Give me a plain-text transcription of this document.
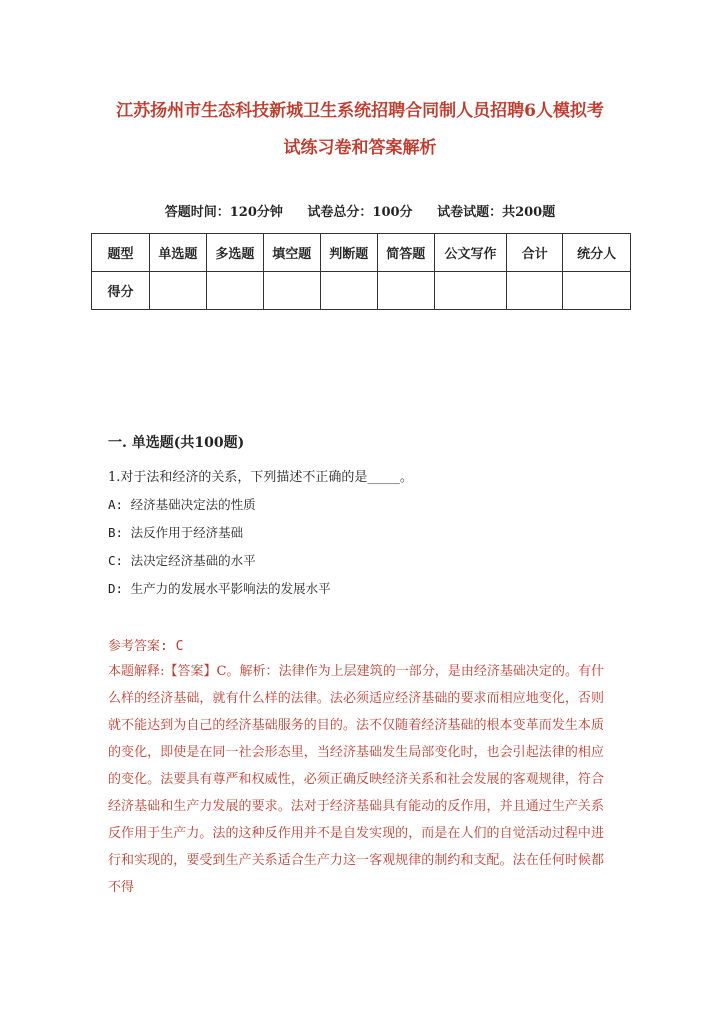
江苏扬州市生态科技新城卫生系统招聘合同制人员招聘6人模拟考
试练习卷和答案解析
答题时间：120分钟 试卷总分：100分 试卷试题：共200题
题型	单选题	多选题	填空题	判断题	简答题	公文写作	合计	统分人
得分								
一. 单选题(共100题)
1.对于法和经济的关系，下列描述不正确的是_____。
A: 经济基础决定法的性质
B: 法反作用于经济基础
C: 法决定经济基础的水平
D: 生产力的发展水平影响法的发展水平
参考答案: C
本题解释:【答案】C。解析：法律作为上层建筑的一部分，是由经济基础决定的。有什么样的经济基础，就有什么样的法律。法必须适应经济基础的要求而相应地变化，否则就不能达到为自己的经济基础服务的目的。法不仅随着经济基础的根本变革而发生本质的变化，即使是在同一社会形态里，当经济基础发生局部变化时，也会引起法律的相应的变化。法要具有尊严和权威性，必须正确反映经济关系和社会发展的客观规律，符合经济基础和生产力发展的要求。法对于经济基础具有能动的反作用，并且通过生产关系反作用于生产力。法的这种反作用并不是自发实现的，而是在人们的自觉活动过程中进行和实现的，要受到生产关系适合生产力这一客观规律的制约和支配。法在任何时候都不得
